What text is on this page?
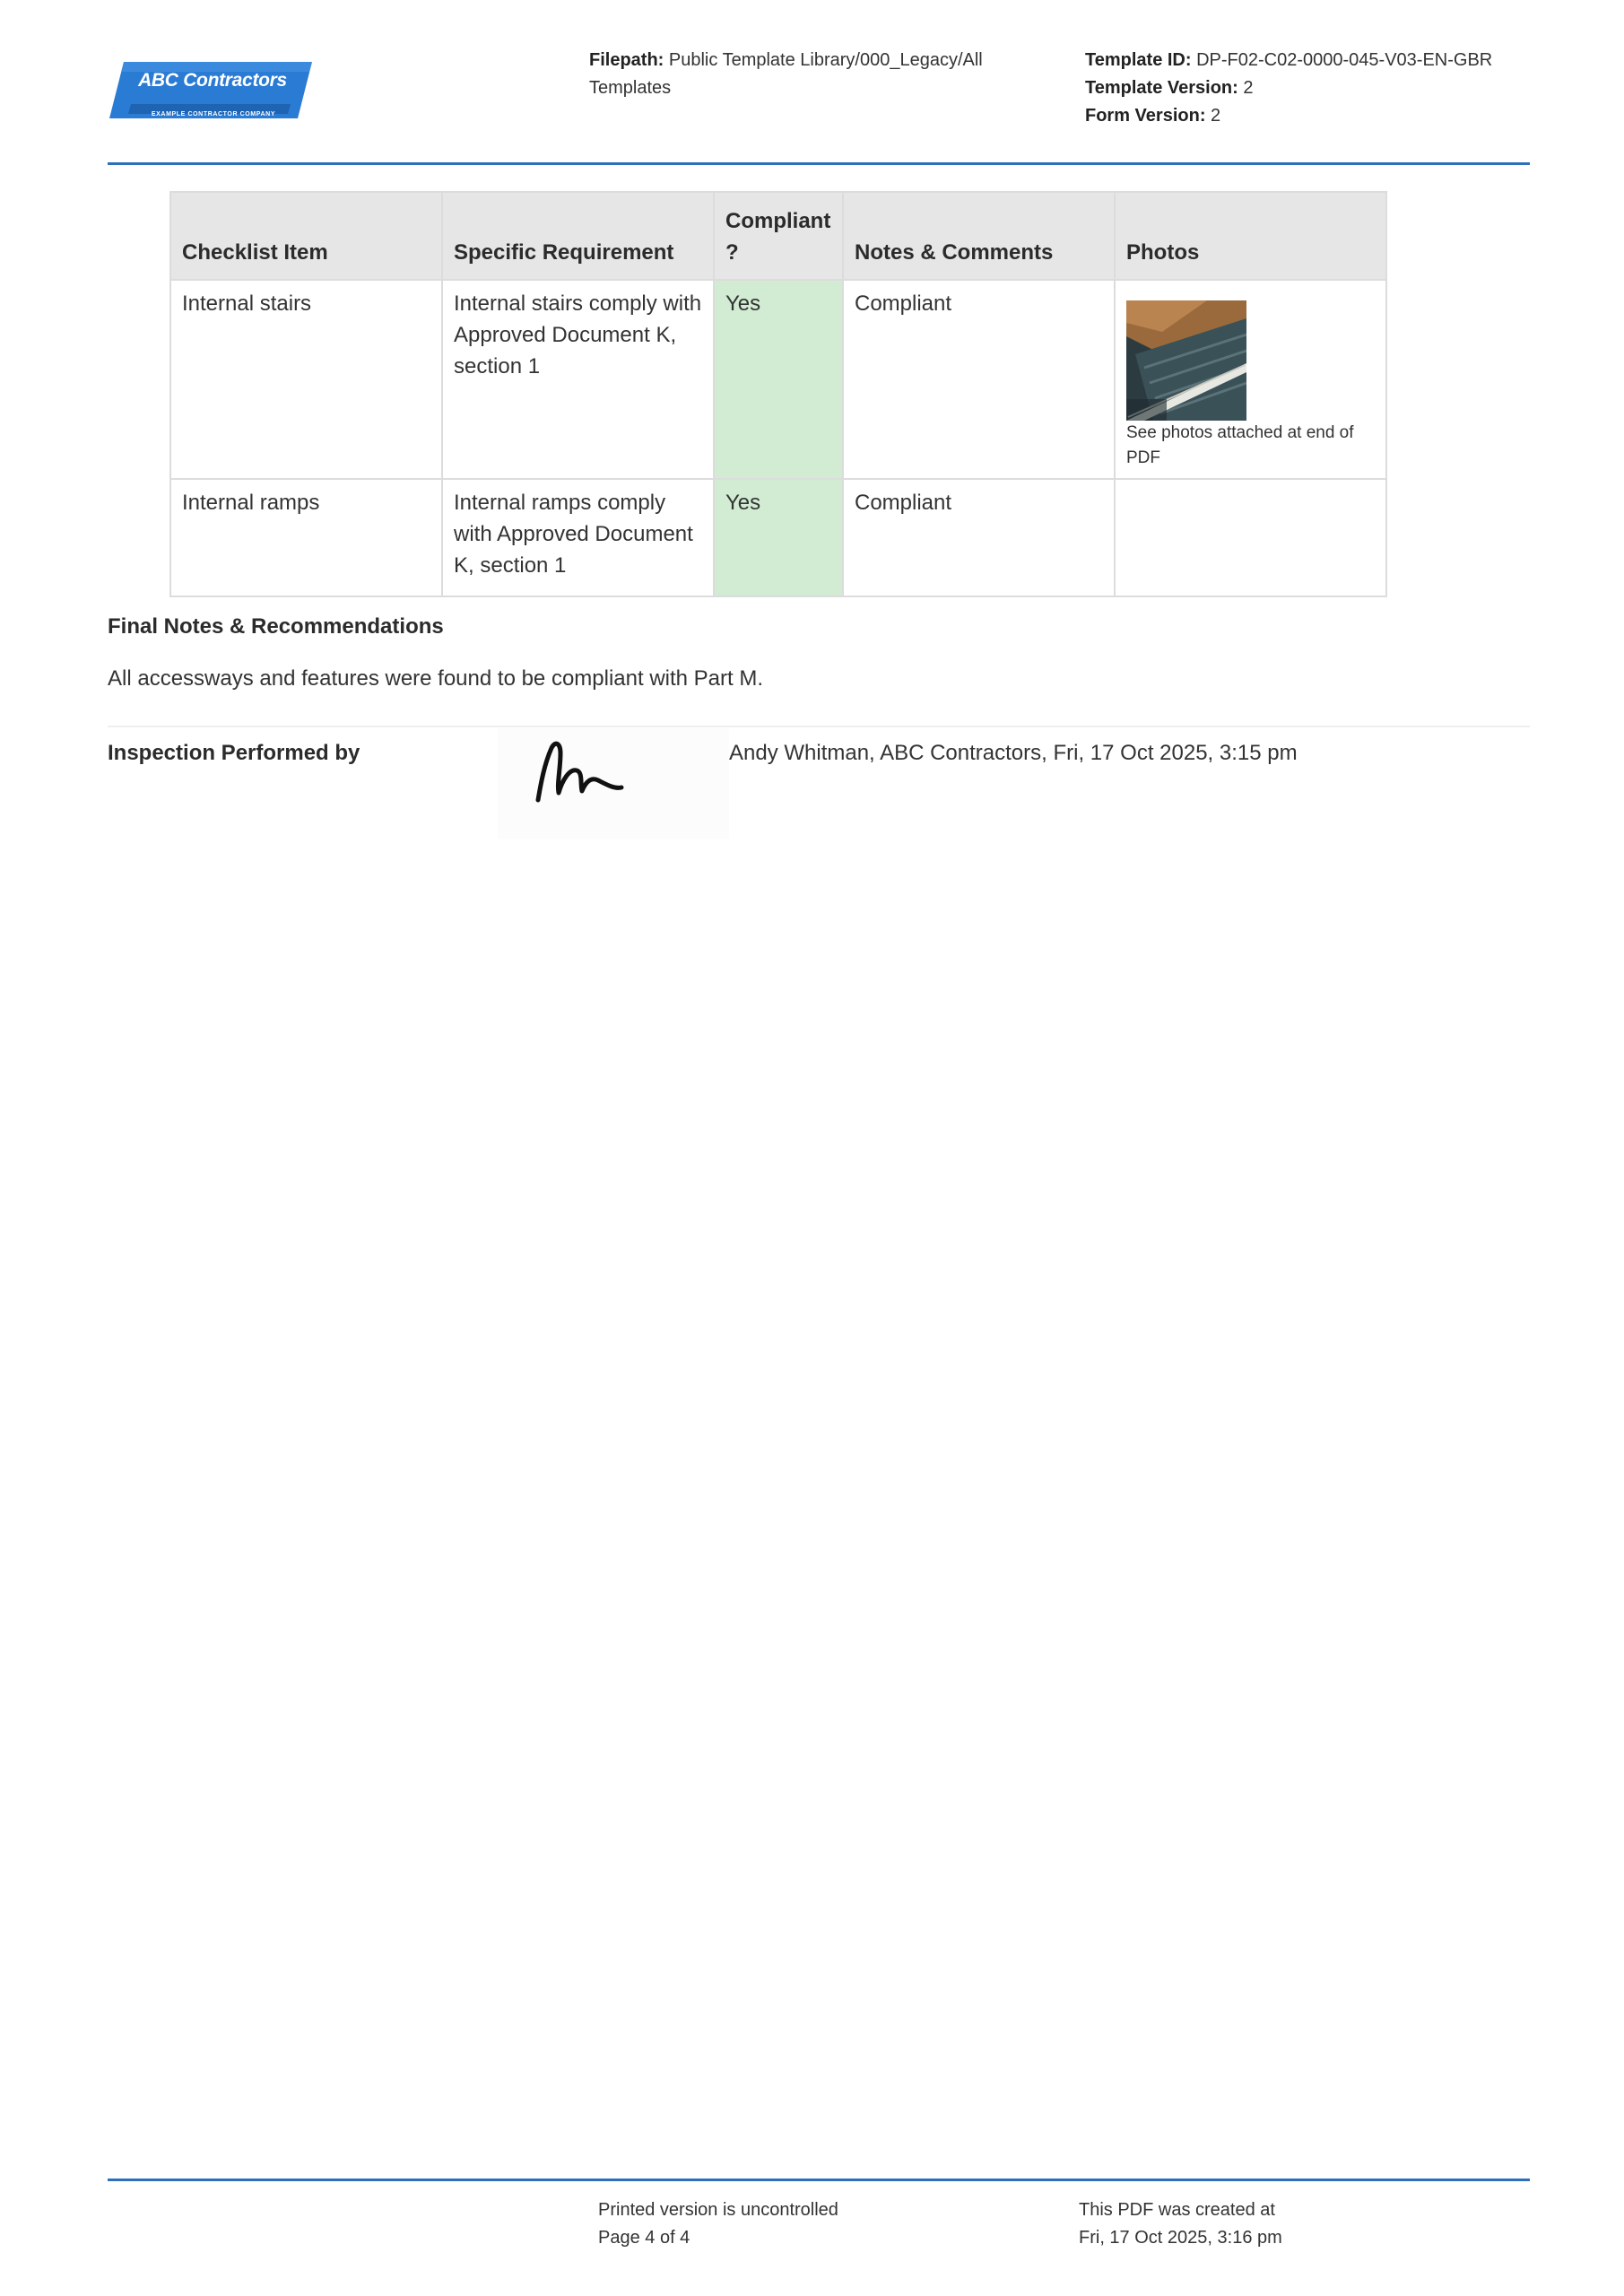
ABC Contractors
EXAMPLE CONTRACTOR COMPANY
Filepath: Public Template Library/000_Legacy/All Templates
Template ID: DP-F02-C02-0000-045-V03-EN-GBR
Template Version: 2
Form Version: 2
Checklist Item	Specific Requirement	Compliant ?	Notes & Comments	Photos
Internal stairs	Internal stairs comply with Approved Document K, section 1	Yes	Compliant	See photos attached at end of PDF

Internal ramps	Internal ramps comply with Approved Document K, section 1	Yes	Compliant	
Final Notes & Recommendations
All accessways and features were found to be compliant with Part M.
Inspection Performed by	Andy Whitman, ABC Contractors, Fri, 17 Oct 2025, 3:15 pm
Printed version is uncontrolled
Page 4 of 4
This PDF was created at
Fri, 17 Oct 2025, 3:16 pm
